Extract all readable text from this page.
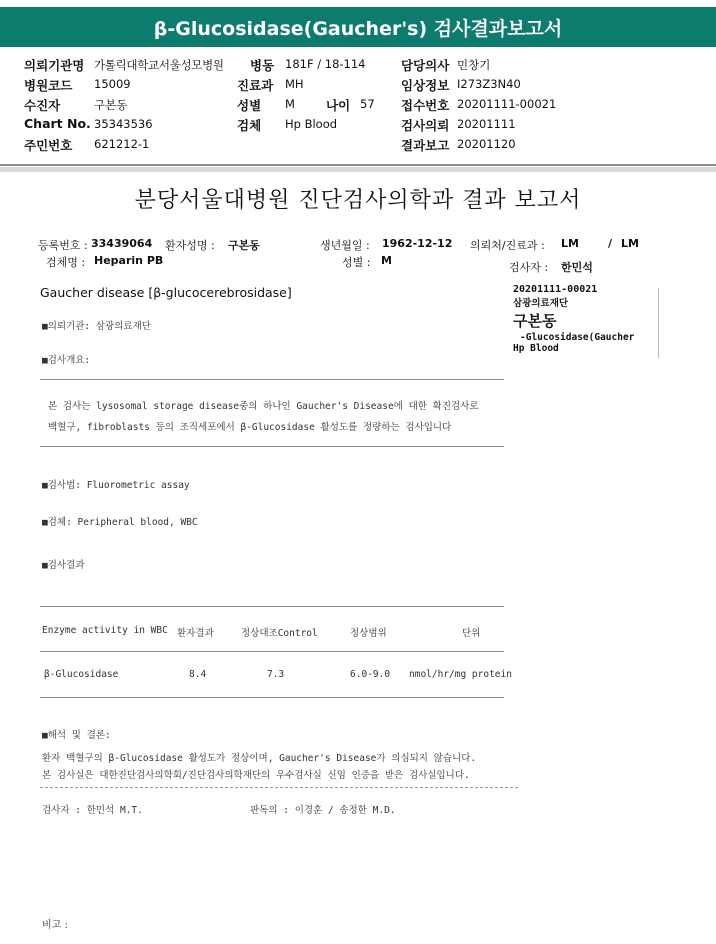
β-Glucosidase(Gaucher's) 검사결과보고서
의뢰기관명 가톨릭대학교서울성모병원 병동 181F / 18-114	담당의사 민창기
병원코드 15009	진료과 MH	임상정보 I273Z3N40
수진자	구본동	성별 M 나이 57 접수번호 20201111-00021
Chart No. 35343536	검체 Hp Blood	검사의뢰 20201111
주민번호 621212-1	결과보고 20201120
분당서울대병원 진단검사의학과 결과 보고서
등록번호 : 33439064 환자성명 : 구본동	생년월일 : 1962-12-12 의뢰처/진료과 : LM	/ LM
검체명 : Heparin PB	성별 : M
검사자 : 한민석
Gaucher disease [β-glucocerebrosidase]	20201111-00021
삼광의료재단
구본동
-Glucosidase(Gaucher
Hp Blood
■의뢰기관: 삼광의료재단
■검사개요:
본 검사는 lysosomal storage disease중의 하나인 Gaucher's Disease에 대한 확진검사로
백혈구, fibroblasts 등의 조직세포에서 β-Glucosidase 활성도를 정량하는 검사입니다
■검사법: Fluorometric assay
■검체: Peripheral blood, WBC
■검사결과
Enzyme activity in WBC 환자결과	정상대조Control	정상범위	단위
β-Glucosidase	8.4	7.3	6.0-9.0 nmol/hr/mg protein
■해석 및 결론:
환자 백혈구의 β-Glucosidase 활성도가 정상이며, Gaucher's Disease가 의심되지 않습니다.
본 검사실은 대한진단검사의학회/진단검사의학재단의 우수검사실 신임 인증을 받은 검사실입니다.
검사자 : 한민석 M.T.	판독의 : 이경훈 / 송정한 M.D.
비고 :
